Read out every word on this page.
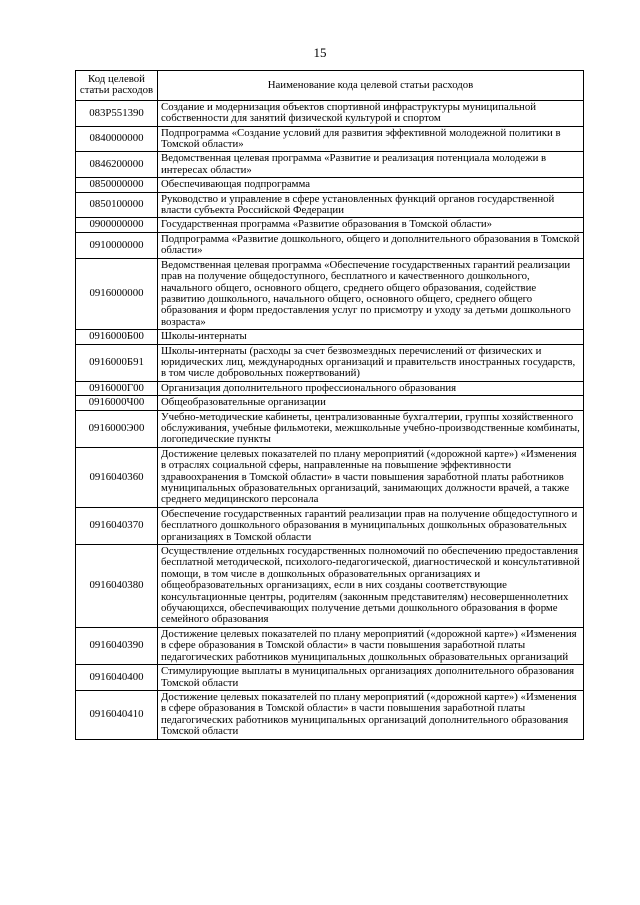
15
Код целевой статьи расходов	Наименование кода целевой статьи расходов
083P551390	Создание и модернизация объектов спортивной инфраструктуры муниципальной собственности для занятий физической культурой и спортом
0840000000	Подпрограмма «Создание условий для развития эффективной молодежной политики в Томской области»
0846200000	Ведомственная целевая программа «Развитие и реализация потенциала молодежи в интересах области»
0850000000	Обеспечивающая подпрограмма
0850100000	Руководство и управление в сфере установленных функций органов государственной власти субъекта Российской Федерации
0900000000	Государственная программа «Развитие образования в Томской области»
0910000000	Подпрограмма «Развитие дошкольного, общего и дополнительного образования в Томской области»
0916000000	Ведомственная целевая программа «Обеспечение государственных гарантий реализации прав на получение общедоступного, бесплатного и качественного дошкольного, начального общего, основного общего, среднего общего образования, содействие развитию дошкольного, начального общего, основного общего, среднего общего образования и форм предоставления услуг по присмотру и уходу за детьми дошкольного возраста»
0916000Б00	Школы-интернаты
0916000Б91	Школы-интернаты (расходы за счет безвозмездных перечислений от физических и юридических лиц, международных организаций и правительств иностранных государств, в том числе добровольных пожертвований)
0916000Г00	Организация дополнительного профессионального образования
0916000Ч00	Общеобразовательные организации
0916000Э00	Учебно-методические кабинеты, централизованные бухгалтерии, группы хозяйственного обслуживания, учебные фильмотеки, межшкольные учебно-производственные комбинаты, логопедические пункты
0916040360	Достижение целевых показателей по плану мероприятий («дорожной карте») «Изменения в отраслях социальной сферы, направленные на повышение эффективности здравоохранения в Томской области» в части повышения заработной платы работников муниципальных образовательных организаций, занимающих должности врачей, а также среднего медицинского персонала
0916040370	Обеспечение государственных гарантий реализации прав на получение общедоступного и бесплатного дошкольного образования в муниципальных дошкольных образовательных организациях в Томской области
0916040380	Осуществление отдельных государственных полномочий по обеспечению предоставления бесплатной методической, психолого-педагогической, диагностической и консультативной помощи, в том числе в дошкольных образовательных организациях и общеобразовательных организациях, если в них созданы соответствующие консультационные центры, родителям (законным представителям) несовершеннолетних обучающихся, обеспечивающих получение детьми дошкольного образования в форме семейного образования
0916040390	Достижение целевых показателей по плану мероприятий («дорожной карте») «Изменения в сфере образования в Томской области» в части повышения заработной платы педагогических работников муниципальных дошкольных образовательных организаций
0916040400	Стимулирующие выплаты в муниципальных организациях дополнительного образования Томской области
0916040410	Достижение целевых показателей по плану мероприятий («дорожной карте») «Изменения в сфере образования в Томской области» в части повышения заработной платы педагогических работников муниципальных организаций дополнительного образования Томской области
